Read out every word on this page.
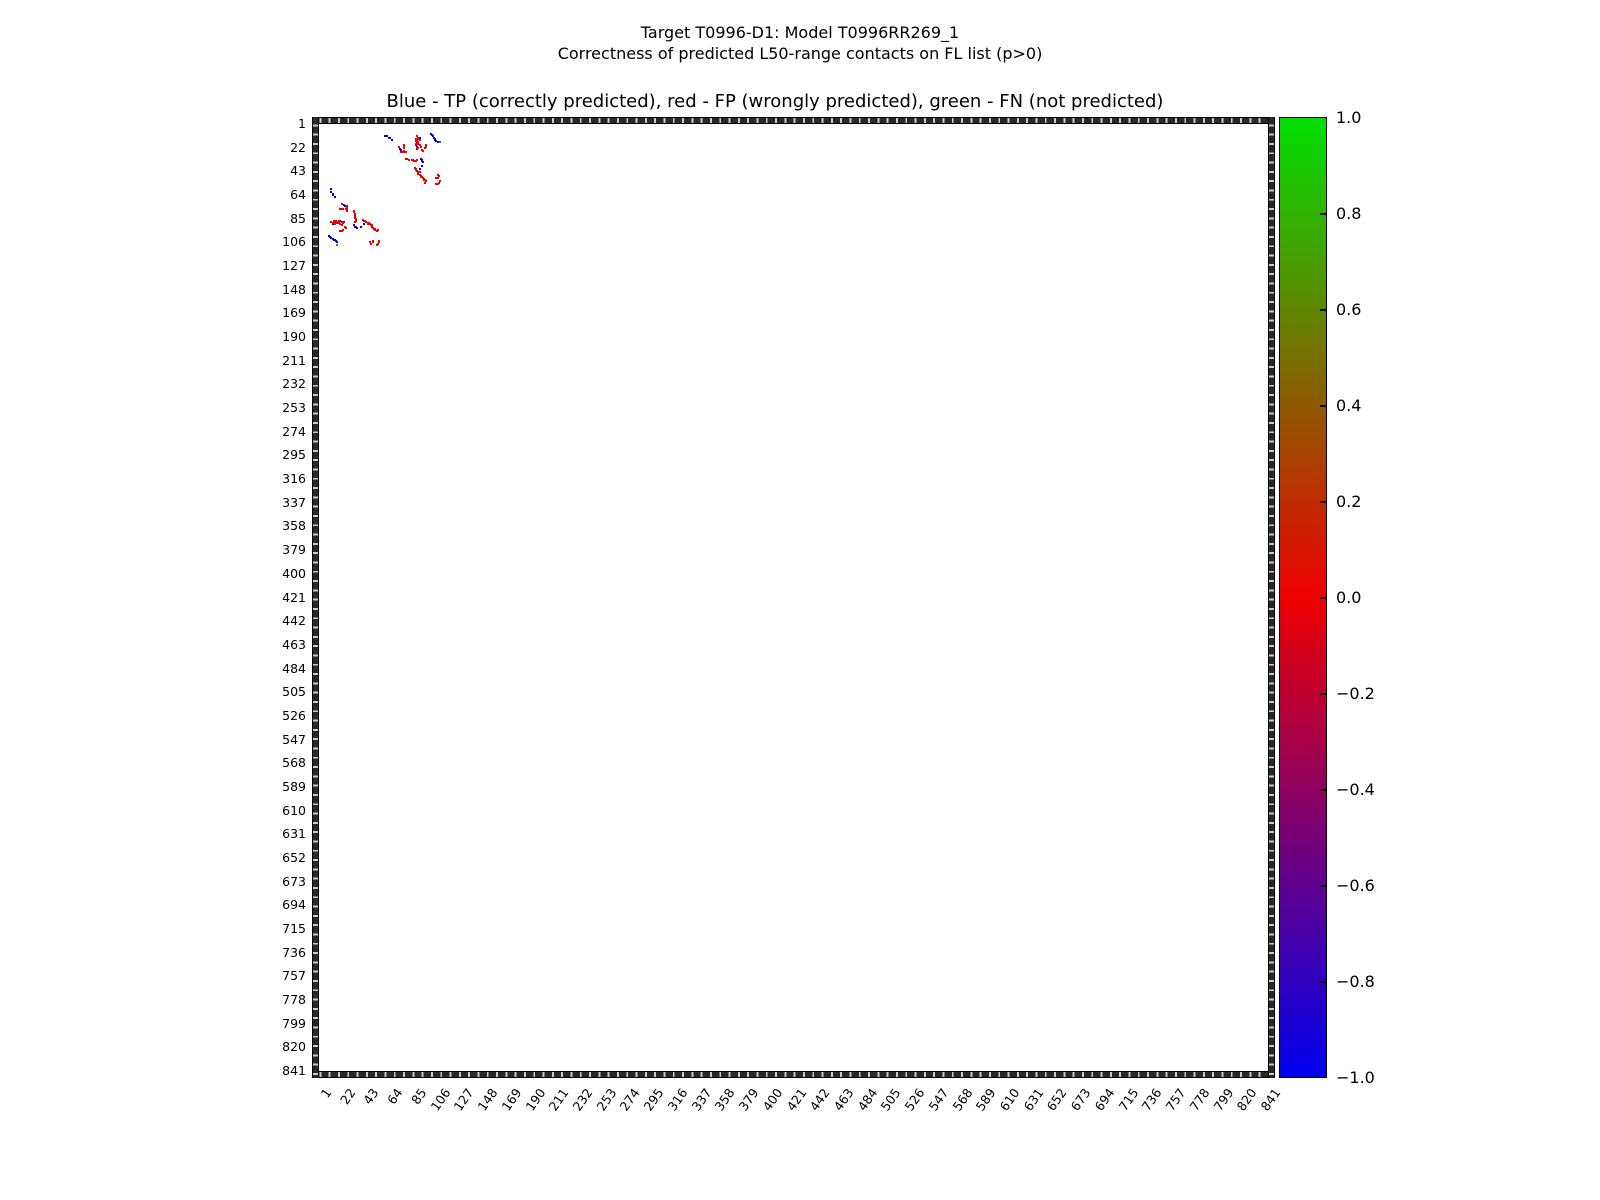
Target T0996-D1: Model T0996RR269_1
Correctness of predicted L50-range contacts on FL list (p>0)
Blue - TP (correctly predicted), red - FP (wrongly predicted), green - FN (not predicted)
1
22
43
64
85
106
127
148
169
190
211
232
253
274
295
316
337
358
379
400
421
442
463
484
505
526
547
568
589
610
631
652
673
694
715
736
757
778
799
820
841
1 22 43 64 85
106
127
148
169
190
211
232
253
274
295
316
337
358
379
400
421
442
463
484
505
526
547
568
589
610
631
652
673
694
715
736
757
778
799
820
841
1.0
0.8
0.6
0.4
0.2
0.0
−0.2
−0.4
−0.6
−0.8
−1.0
